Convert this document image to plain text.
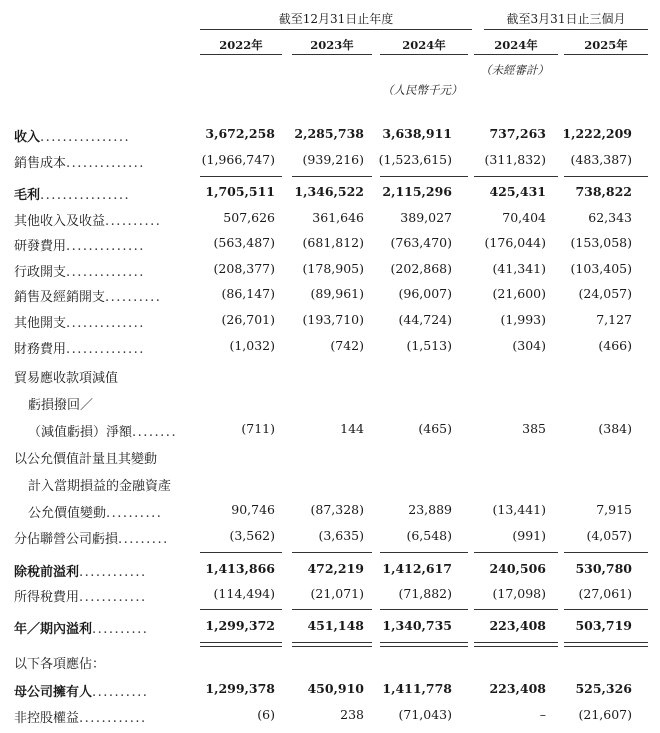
截至12月31日止年度	截至3月31日止三個月
2022年	2023年	2024年	2024年	2025年
（未經審計）
（人民幣千元）
收入................	3,672,258 2,285,738 3,638,911	737,263 1,222,209
銷售成本..............	(1,966,747) (939,216) (1,523,615)	(311,832) (483,387)
毛利................	1,705,511 1,346,522 2,115,296	425,431 738,822
其他收入及收益..........	507,626	361,646	389,027	70,404	62,343
研發費用..............	(563,487) (681,812) (763,470)	(176,044) (153,058)
行政開支..............	(208,377) (178,905) (202,868)	(41,341) (103,405)
銷售及經銷開支..........	(86,147)	(89,961)	(96,007)	(21,600)	(24,057)
其他開支..............	(26,701) (193,710)	(44,724)	(1,993)	7,127
財務費用..............	(1,032)	(742)	(1,513)	(304)	(466)
貿易應收款項減值
虧損撥回／
（減值虧損）淨額........	(711)	144	(465)	385	(384)
以公允價值計量且其變動
計入當期損益的金融資產
公允價值變動..........	90,746	(87,328)	23,889	(13,441)	7,915
分佔聯營公司虧損.........	(3,562)	(3,635)	(6,548)	(991)	(4,057)
除稅前溢利............	1,413,866	472,219 1,412,617	240,506 530,780
所得稅費用............	(114,494)	(21,071)	(71,882)	(17,098)	(27,061)
年／期內溢利..........	1,299,372	451,148 1,340,735	223,408 503,719
以下各項應佔：
母公司擁有人..........	1,299,378	450,910 1,411,778	223,408 525,326
非控股權益............	(6)	238	(71,043)	–	(21,607)
